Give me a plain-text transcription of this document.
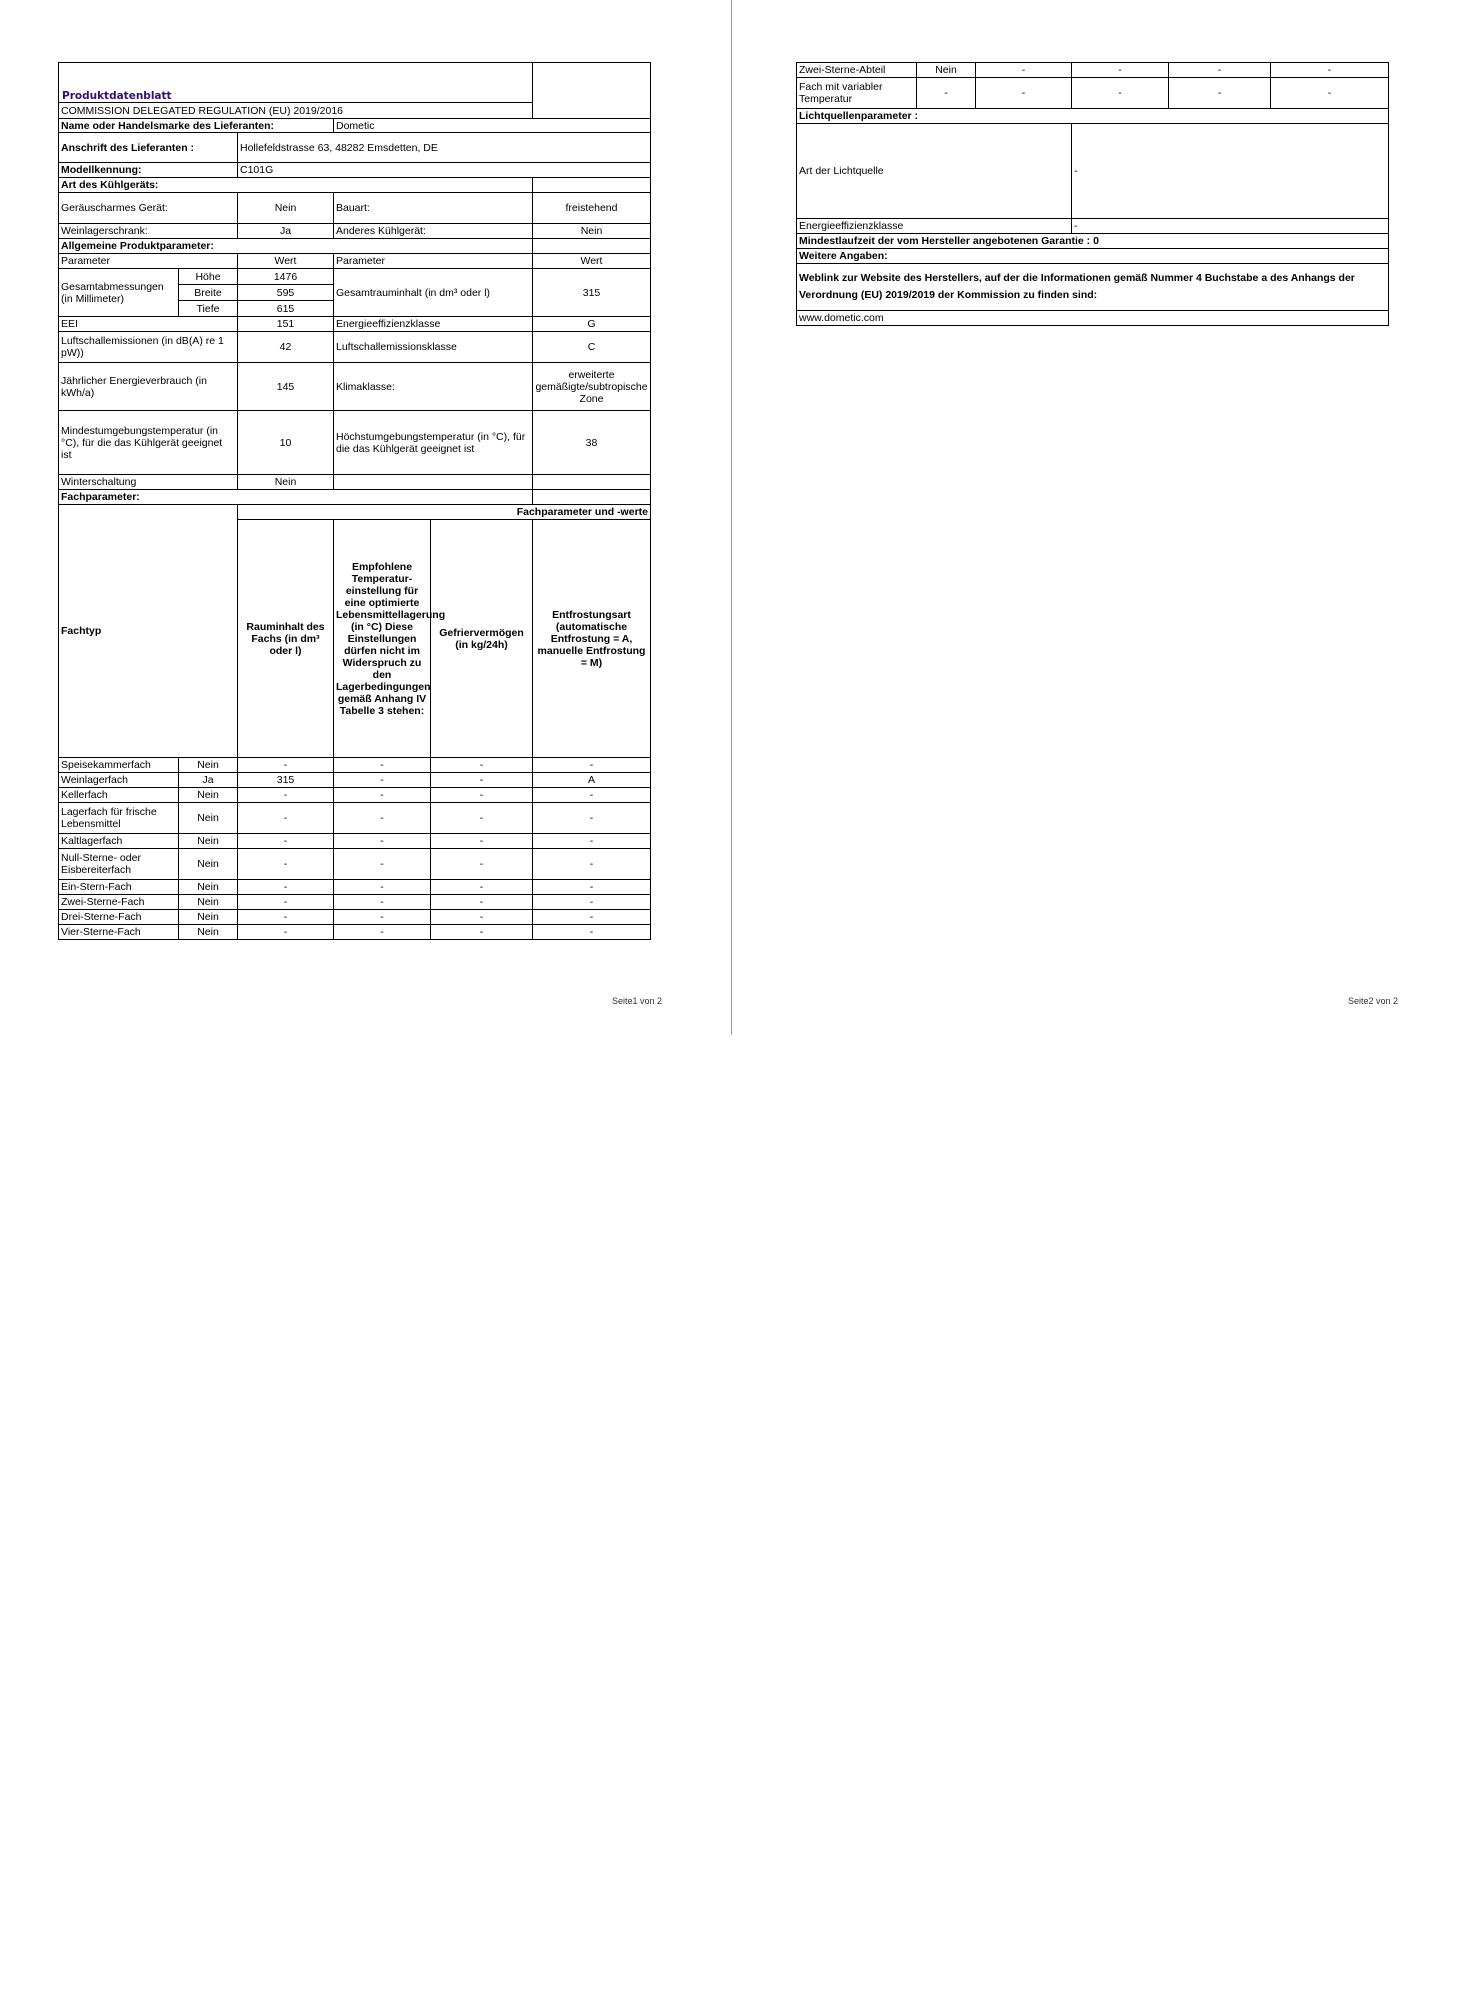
Produktdatenblatt					
COMMISSION DELEGATED REGULATION (EU) 2019/2016					
Name oder Handelsmarke des Lieferanten:			Dometic		
Anschrift des Lieferanten :		Hollefeldstrasse 63, 48282 Emsdetten, DE			
Modellkennung:		C101G			
Art des Kühlgeräts:					
Geräuscharmes Gerät:		Nein	Bauart:		freistehend
Weinlagerschrank:		Ja	Anderes Kühlgerät:		Nein
Allgemeine Produktparameter:					
Parameter		Wert	Parameter		Wert
Gesamtabmessungen (in Millimeter)	Höhe	1476	Gesamtrauminhalt (in dm³ oder l)		315
	Breite	595			
	Tiefe	615			
EEI		151	Energieeffizienzklasse		G
Luftschallemissionen (in dB(A) re 1 pW))		42	Luftschallemissionsklasse		C
Jährlicher Energieverbrauch (in kWh/a)		145	Klimaklasse:		erweiterte gemäßigte/subtropische Zone
Mindestumgebungstemperatur (in °C), für die das Kühlgerät geeignet ist		10	Höchstumgebungstemperatur (in °C), für die das Kühlgerät geeignet ist		38
Winterschaltung		Nein			
Fachparameter:					
Fachtyp		Fachparameter und -werte			
		Rauminhalt des Fachs (in dm³ oder l)	Empfohlene Temperatur-einstellung für eine optimierte Lebensmittellagerung (in °C) Diese Einstellungen dürfen nicht im Widerspruch zu den Lagerbedingungen gemäß Anhang IV Tabelle 3 stehen:	Gefriervermögen (in kg/24h)	Entfrostungsart (automatische Entfrostung = A, manuelle Entfrostung = M)
Speisekammerfach	Nein	-	-	-	-
Weinlagerfach	Ja	315	-	-	A
Kellerfach	Nein	-	-	-	-
Lagerfach für frische Lebensmittel	Nein	-	-	-	-
Kaltlagerfach	Nein	-	-	-	-
Null-Sterne- oder Eisbereiterfach	Nein	-	-	-	-
Ein-Stern-Fach	Nein	-	-	-	-
Zwei-Sterne-Fach	Nein	-	-	-	-
Drei-Sterne-Fach	Nein	-	-	-	-
Vier-Sterne-Fach	Nein	-	-	-	-
Seite1 von 2
Zwei-Sterne-Abteil	Nein	-	-	-	-
Fach mit variabler Temperatur	-	-	-	-	-
Lichtquellenparameter :					
Art der Lichtquelle			-		
Energieeffizienzklasse			-		
Mindestlaufzeit der vom Hersteller angebotenen Garantie : 0					
Weitere Angaben:					
Weblink zur Website des Herstellers, auf der die Informationen gemäß Nummer 4 Buchstabe a des Anhangs der Verordnung (EU) 2019/2019 der Kommission zu finden sind:					
www.dometic.com					
Seite2 von 2
